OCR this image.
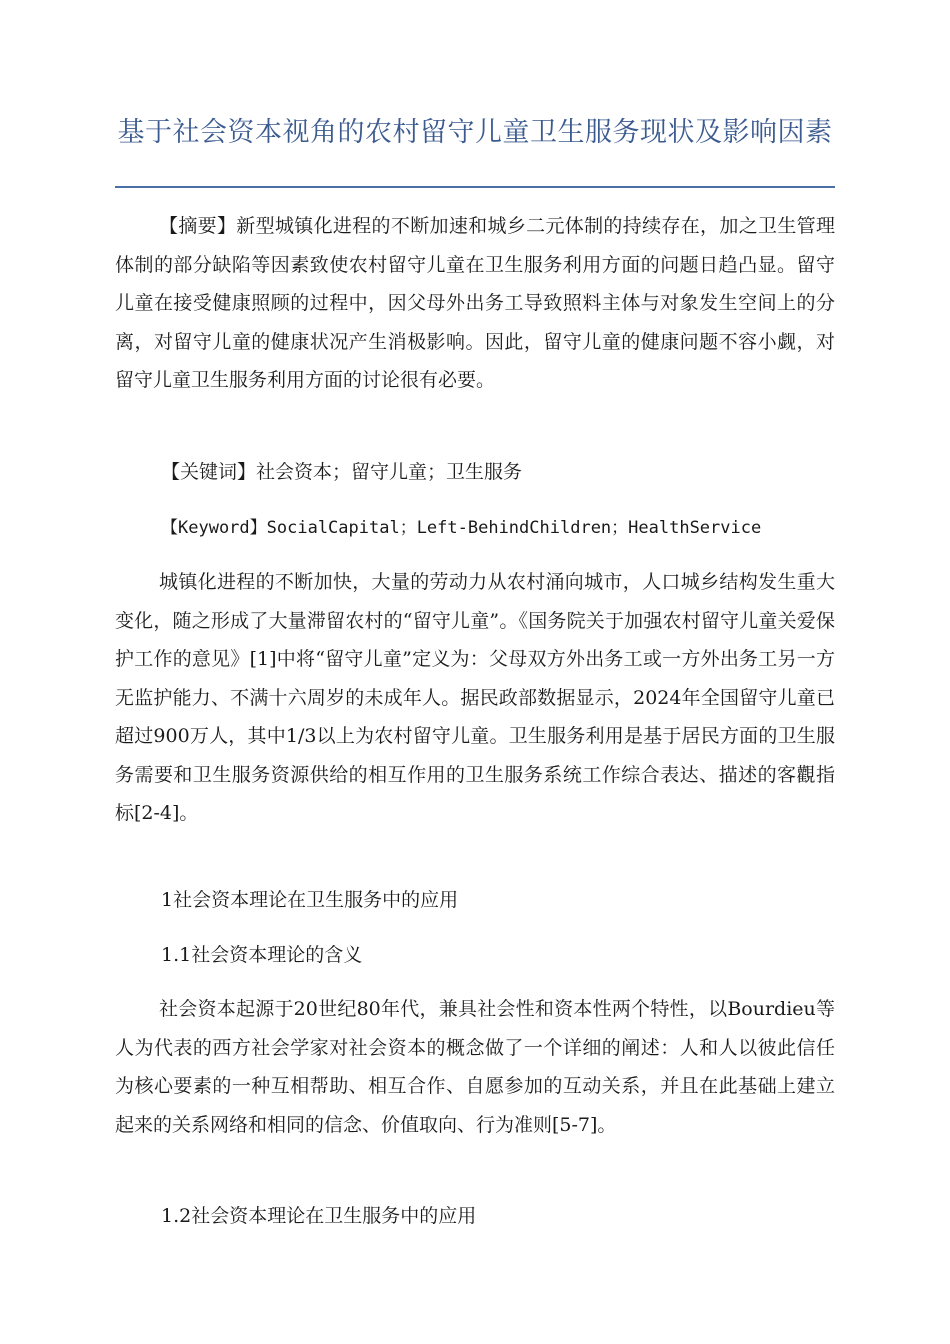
基于社会资本视角的农村留守儿童卫生服务现状及影响因素
【摘要】新型城镇化进程的不断加速和城乡二元体制的持续存在，加之卫生管理体制的部分缺陷等因素致使农村留守儿童在卫生服务利用方面的问题日趋凸显。留守儿童在接受健康照顾的过程中，因父母外出务工导致照料主体与对象发生空间上的分离，对留守儿童的健康状况产生消极影响。因此，留守儿童的健康问题不容小觑，对留守儿童卫生服务利用方面的讨论很有必要。
【关键词】社会资本；留守儿童；卫生服务
【Keyword】SocialCapital；Left-BehindChildren；HealthService
城镇化进程的不断加快，大量的劳动力从农村涌向城市，人口城乡结构发生重大变化，随之形成了大量滞留农村的“留守儿童”。《国务院关于加强农村留守儿童关爱保护工作的意见》[1]中将“留守儿童”定义为：父母双方外出务工或一方外出务工另一方无监护能力、不满十六周岁的未成年人。据民政部数据显示，2024年全国留守儿童已超过900万人，其中1/3以上为农村留守儿童。卫生服务利用是基于居民方面的卫生服务需要和卫生服务资源供给的相互作用的卫生服务系统工作综合表达、描述的客觀指标[2-4]。
1社会资本理论在卫生服务中的应用
1.1社会资本理论的含义
社会资本起源于20世纪80年代，兼具社会性和资本性两个特性，以Bourdieu等人为代表的西方社会学家对社会资本的概念做了一个详细的阐述：人和人以彼此信任为核心要素的一种互相帮助、相互合作、自愿参加的互动关系，并且在此基础上建立起来的关系网络和相同的信念、价值取向、行为准则[5-7]。
1.2社会资本理论在卫生服务中的应用
